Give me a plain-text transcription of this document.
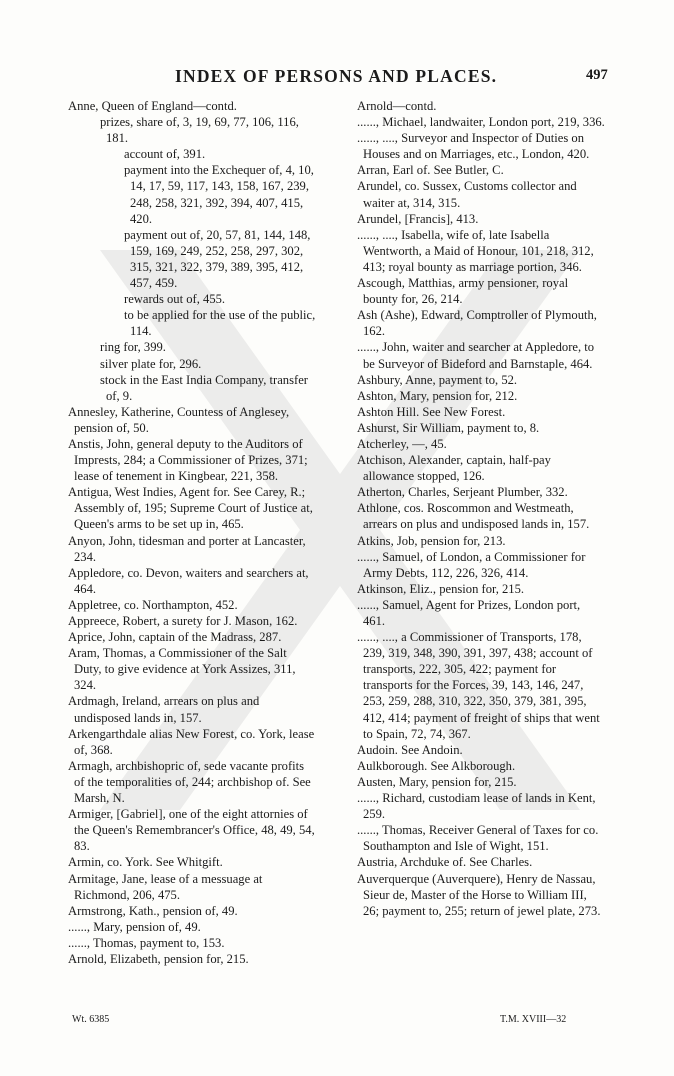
INDEX OF PERSONS AND PLACES.	497

Anne, Queen of England—contd.

prizes, share of, 3, 19, 69, 77, 106, 116, 181.

account of, 391.

payment into the Exchequer of, 4, 10, 14, 17, 59, 117, 143, 158, 167, 239, 248, 258, 321, 392, 394, 407, 415, 420.

payment out of, 20, 57, 81, 144, 148, 159, 169, 249, 252, 258, 297, 302, 315, 321, 322, 379, 389, 395, 412, 457, 459.

rewards out of, 455.

to be applied for the use of the public, 114.

ring for, 399.

silver plate for, 296.

stock in the East India Company, transfer of, 9.

Annesley, Katherine, Countess of Anglesey, pension of, 50.

Anstis, John, general deputy to the Auditors of Imprests, 284; a Commissioner of Prizes, 371; lease of tenement in Kingbear, 221, 358.

Antigua, West Indies, Agent for. See Carey, R.; Assembly of, 195; Supreme Court of Justice at, Queen's arms to be set up in, 465.

Anyon, John, tidesman and porter at Lancaster, 234.

Appledore, co. Devon, waiters and searchers at, 464.

Appletree, co. Northampton, 452.

Appreece, Robert, a surety for J. Mason, 162.

Aprice, John, captain of the Madrass, 287.

Aram, Thomas, a Commissioner of the Salt Duty, to give evidence at York Assizes, 311, 324.

Ardmagh, Ireland, arrears on plus and undisposed lands in, 157.

Arkengarthdale alias New Forest, co. York, lease of, 368.

Armagh, archbishopric of, sede vacante profits of the temporalities of, 244; archbishop of. See Marsh, N.

Armiger, [Gabriel], one of the eight attornies of the Queen's Remembrancer's Office, 48, 49, 54, 83.

Armin, co. York. See Whitgift.

Armitage, Jane, lease of a messuage at Richmond, 206, 475.

Armstrong, Kath., pension of, 49.

......, Mary, pension of, 49.

......, Thomas, payment to, 153.

Arnold, Elizabeth, pension for, 215.

Arnold—contd.

......, Michael, landwaiter, London port, 219, 336.

......, ...., Surveyor and Inspector of Duties on Houses and on Marriages, etc., London, 420.

Arran, Earl of. See Butler, C.

Arundel, co. Sussex, Customs collector and waiter at, 314, 315.

Arundel, [Francis], 413.

......, ...., Isabella, wife of, late Isabella Wentworth, a Maid of Honour, 101, 218, 312, 413; royal bounty as marriage portion, 346.

Ascough, Matthias, army pensioner, royal bounty for, 26, 214.

Ash (Ashe), Edward, Comptroller of Plymouth, 162.

......, John, waiter and searcher at Appledore, to be Surveyor of Bideford and Barnstaple, 464.

Ashbury, Anne, payment to, 52.

Ashton, Mary, pension for, 212.

Ashton Hill. See New Forest.

Ashurst, Sir William, payment to, 8.

Atcherley, —, 45.

Atchison, Alexander, captain, half-pay allowance stopped, 126.

Atherton, Charles, Serjeant Plumber, 332.

Athlone, cos. Roscommon and Westmeath, arrears on plus and undisposed lands in, 157.

Atkins, Job, pension for, 213.

......, Samuel, of London, a Commissioner for Army Debts, 112, 226, 326, 414.

Atkinson, Eliz., pension for, 215.

......, Samuel, Agent for Prizes, London port, 461.

......, ...., a Commissioner of Transports, 178, 239, 319, 348, 390, 391, 397, 438; account of transports, 222, 305, 422; payment for transports for the Forces, 39, 143, 146, 247, 253, 259, 288, 310, 322, 350, 379, 381, 395, 412, 414; payment of freight of ships that went to Spain, 72, 74, 367.

Audoin. See Andoin.

Aulkborough. See Alkborough.

Austen, Mary, pension for, 215.

......, Richard, custodiam lease of lands in Kent, 259.

......, Thomas, Receiver General of Taxes for co. Southampton and Isle of Wight, 151.

Austria, Archduke of. See Charles.

Auverquerque (Auverquere), Henry de Nassau, Sieur de, Master of the Horse to William III, 26; payment to, 255; return of jewel plate, 273.

Wt. 6385	T.M. XVIII—32
